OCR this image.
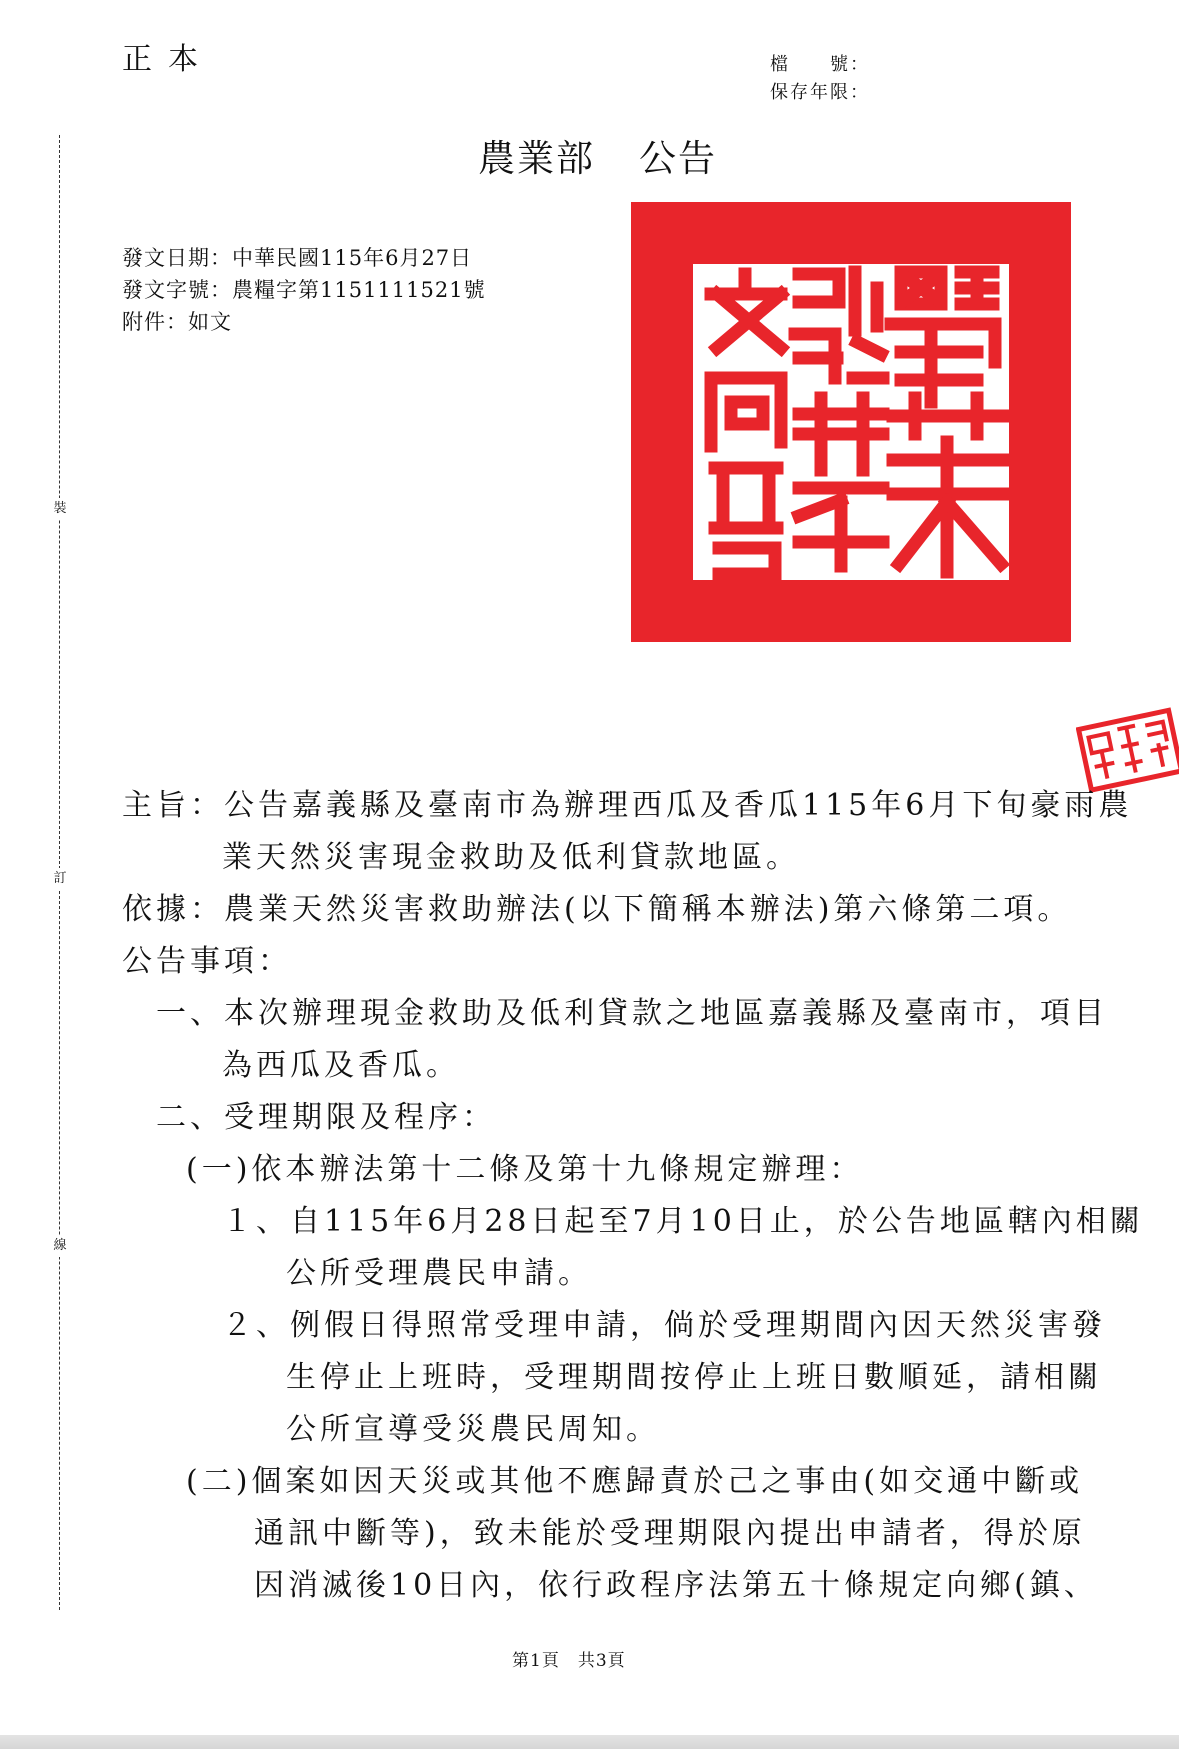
正本	檔　　號：
保存年限：
裝
訂
線
農業部 公告
發文日期：中華民國115年6月27日
發文字號：農糧字第1151111521號
附件：如文
主旨：公告嘉義縣及臺南市為辦理西瓜及香瓜115年6月下旬豪雨農
業天然災害現金救助及低利貸款地區。
依據：農業天然災害救助辦法(以下簡稱本辦法)第六條第二項。
公告事項：
一、本次辦理現金救助及低利貸款之地區嘉義縣及臺南市，項目
為西瓜及香瓜。
二、受理期限及程序：
(一)依本辦法第十二條及第十九條規定辦理：
１、自115年6月28日起至7月10日止，於公告地區轄內相關
公所受理農民申請。
２、例假日得照常受理申請，倘於受理期間內因天然災害發
生停止上班時，受理期間按停止上班日數順延，請相關
公所宣導受災農民周知。
(二)個案如因天災或其他不應歸責於己之事由(如交通中斷或
通訊中斷等)，致未能於受理期限內提出申請者，得於原
因消滅後10日內，依行政程序法第五十條規定向鄉(鎮、
第1頁 共3頁
